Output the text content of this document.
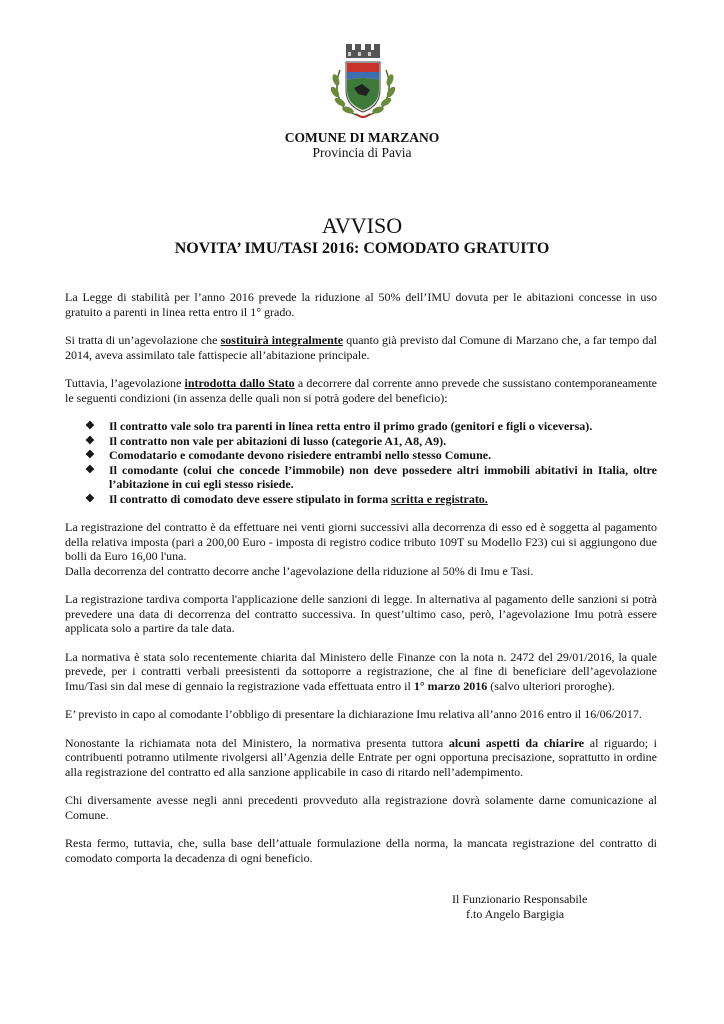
COMUNE DI MARZANO
Provincia di Pavia
AVVISO
NOVITA’ IMU/TASI 2016: COMODATO GRATUITO

La Legge di stabilità per l’anno 2016 prevede la riduzione al 50% dell’IMU dovuta per le abitazioni concesse in uso gratuito a parenti in linea retta entro il 1° grado.

Si tratta di un’agevolazione che sostituirà integralmente quanto già previsto dal Comune di Marzano che, a far tempo dal 2014, aveva assimilato tale fattispecie all’abitazione principale.

Tuttavia, l’agevolazione introdotta dallo Stato a decorrere dal corrente anno prevede che sussistano contemporaneamente le seguenti condizioni (in assenza delle quali non si potrà godere del beneficio):

❖ Il contratto vale solo tra parenti in linea retta entro il primo grado (genitori e figli o viceversa).
❖ Il contratto non vale per abitazioni di lusso (categorie A1, A8, A9).
❖ Comodatario e comodante devono risiedere entrambi nello stesso Comune.
❖ Il comodante (colui che concede l’immobile) non deve possedere altri immobili abitativi in Italia, oltre l’abitazione in cui egli stesso risiede.
❖ Il contratto di comodato deve essere stipulato in forma scritta e registrato.

La registrazione del contratto è da effettuare nei venti giorni successivi alla decorrenza di esso ed è soggetta al pagamento della relativa imposta (pari a 200,00 Euro - imposta di registro codice tributo 109T su Modello F23) cui si aggiungono due bolli da Euro 16,00 l'una.

Dalla decorrenza del contratto decorre anche l’agevolazione della riduzione al 50% di Imu e Tasi.

La registrazione tardiva comporta l'applicazione delle sanzioni di legge. In alternativa al pagamento delle sanzioni si potrà prevedere una data di decorrenza del contratto successiva. In quest’ultimo caso, però, l’agevolazione Imu potrà essere applicata solo a partire da tale data.

La normativa è stata solo recentemente chiarita dal Ministero delle Finanze con la nota n. 2472 del 29/01/2016, la quale prevede, per i contratti verbali preesistenti da sottoporre a registrazione, che al fine di beneficiare dell’agevolazione Imu/Tasi sin dal mese di gennaio la registrazione vada effettuata entro il 1° marzo 2016 (salvo ulteriori proroghe).

E’ previsto in capo al comodante l’obbligo di presentare la dichiarazione Imu relativa all’anno 2016 entro il 16/06/2017.

Nonostante la richiamata nota del Ministero, la normativa presenta tuttora alcuni aspetti da chiarire al riguardo; i contribuenti potranno utilmente rivolgersi all’Agenzia delle Entrate per ogni opportuna precisazione, soprattutto in ordine alla registrazione del contratto ed alla sanzione applicabile in caso di ritardo nell’adempimento.

Chi diversamente avesse negli anni precedenti provveduto alla registrazione dovrà solamente darne comunicazione al Comune.

Resta fermo, tuttavia, che, sulla base dell’attuale formulazione della norma, la mancata registrazione del contratto di comodato comporta la decadenza di ogni beneficio.

Il Funzionario Responsabile
f.to Angelo Bargigia
